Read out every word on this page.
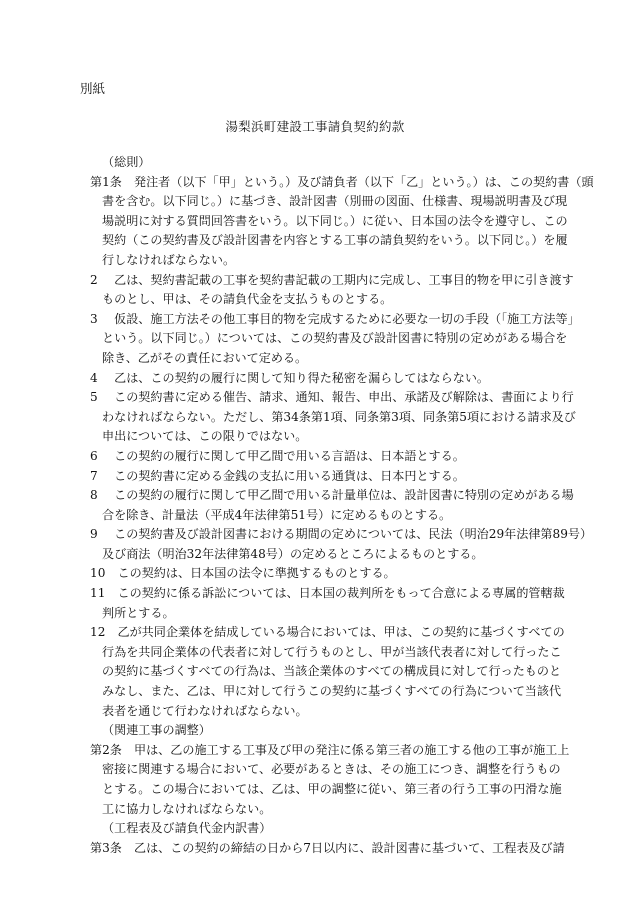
別紙
湯梨浜町建設工事請負契約約款
（総則）
第1条 　発注者（以下「甲」という。）及び請負者（以下「乙」という。）は、この契約書（頭
書を含む。以下同じ。）に基づき、設計図書（別冊の図面、仕様書、現場説明書及び現
場説明に対する質問回答書をいう。以下同じ。）に従い、日本国の法令を遵守し、この
契約（この契約書及び設計図書を内容とする工事の請負契約をいう。以下同じ。）を履
行しなければならない。
2 　乙は、契約書記載の工事を契約書記載の工期内に完成し、工事目的物を甲に引き渡す
ものとし、甲は、その請負代金を支払うものとする。
3 　仮設、施工方法その他工事目的物を完成するために必要な一切の手段（「施工方法等」
という。以下同じ。）については、この契約書及び設計図書に特別の定めがある場合を
除き、乙がその責任において定める。
4 　乙は、この契約の履行に関して知り得た秘密を漏らしてはならない。
5 　この契約書に定める催告、請求、通知、報告、申出、承諾及び解除は、書面により行
わなければならない。ただし、第34条第1項、同条第3項、同条第5項における請求及び
申出については、この限りではない。
6 　この契約の履行に関して甲乙間で用いる言語は、日本語とする。
7 　この契約書に定める金銭の支払に用いる通貨は、日本円とする。
8 　この契約の履行に関して甲乙間で用いる計量単位は、設計図書に特別の定めがある場
合を除き、計量法（平成4年法律第51号）に定めるものとする。
9 　この契約書及び設計図書における期間の定めについては、民法（明治29年法律第89号）
及び商法（明治32年法律第48号）の定めるところによるものとする。
10 　この契約は、日本国の法令に準拠するものとする。
11 　この契約に係る訴訟については、日本国の裁判所をもって合意による専属的管轄裁
判所とする。
12 　乙が共同企業体を結成している場合においては、甲は、この契約に基づくすべての
行為を共同企業体の代表者に対して行うものとし、甲が当該代表者に対して行ったこ
の契約に基づくすべての行為は、当該企業体のすべての構成員に対して行ったものと
みなし、また、乙は、甲に対して行うこの契約に基づくすべての行為について当該代
表者を通じて行わなければならない。
（関連工事の調整）
第2条 　甲は、乙の施工する工事及び甲の発注に係る第三者の施工する他の工事が施工上
密接に関連する場合において、必要があるときは、その施工につき、調整を行うもの
とする。この場合においては、乙は、甲の調整に従い、第三者の行う工事の円滑な施
工に協力しなければならない。
（工程表及び請負代金内訳書）
第3条 　乙は、この契約の締結の日から7日以内に、設計図書に基づいて、工程表及び請
